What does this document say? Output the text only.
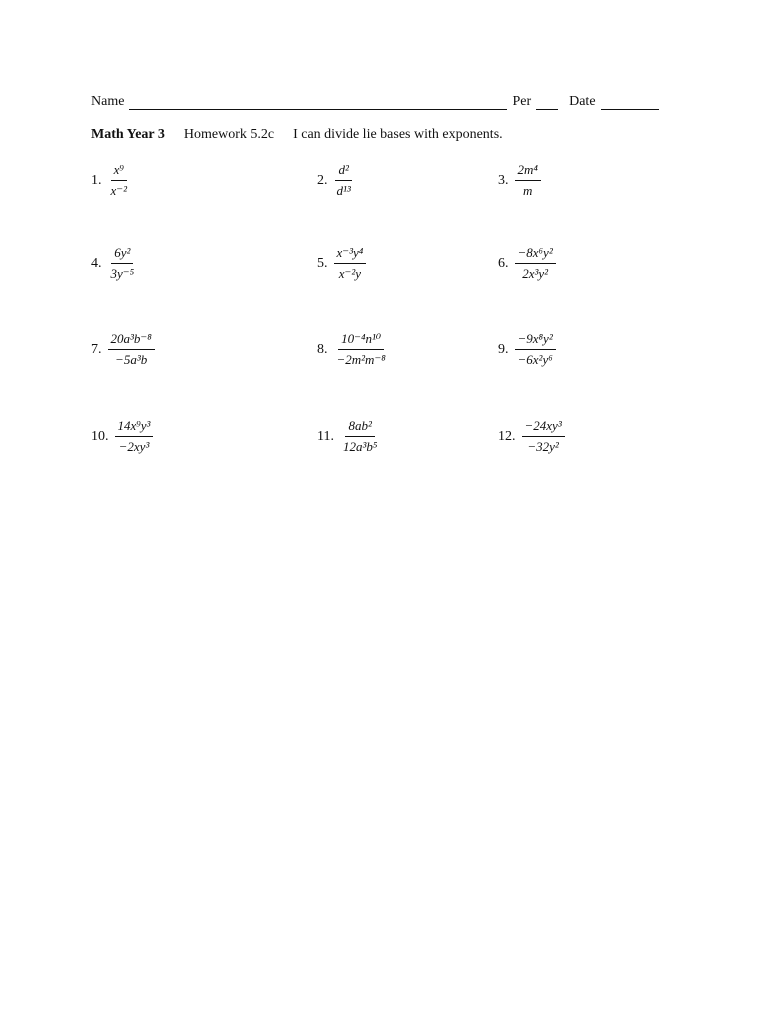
Name	Per	Date
Math Year 3 Homework 5.2c I can divide lie bases with exponents.
1. $\frac{\text{x⁹}}{\text{x⁻²}}$	2. $\frac{\text{d²}}{\text{d¹³}}$	3. $\frac{\text{2m⁴}}{m}$
4. $\frac{\text{6y²}}{\text{3y⁻⁵}}$	5. $\frac{\text{x⁻³y⁴}}{\text{x⁻²y}}$	6. $\frac{\text{−8x⁶y²}}{\text{2x³y²}}$
7. $\frac{\text{20a³b⁻⁸}}{\text{−5a³b}}$	8. $\frac{\text{10⁻⁴n¹⁰}}{\text{−2m²m⁻⁸}}$	9. $\frac{\text{−9x⁸y²}}{\text{−6x²y⁶}}$
10. $\frac{\text{14x⁹y³}}{\text{−2xy³}}$	11. $\frac{\text{8ab²}}{\text{12a³b⁵}}$	12. $\frac{\text{−24xy³}}{\text{−32y²}}$
